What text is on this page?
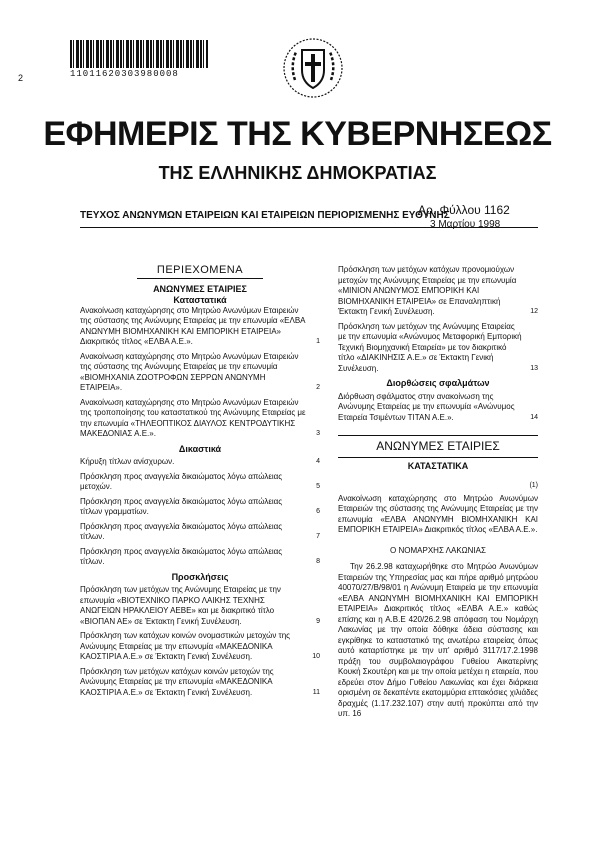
11011620303980008
2
ΕΦΗΜΕΡΙΣ ΤΗΣ ΚΥΒΕΡΝΗΣΕΩΣ
ΤΗΣ ΕΛΛΗΝΙΚΗΣ ΔΗΜΟΚΡΑΤΙΑΣ
ΤΕΥΧΟΣ ΑΝΩΝΥΜΩΝ ΕΤΑΙΡΕΙΩΝ ΚΑΙ ΕΤΑΙΡΕΙΩΝ ΠΕΡΙΟΡΙΣΜΕΝΗΣ ΕΥΘΥΝΗΣ
Αρ. Φύλλου 1162
3 Μαρτίου 1998
ΠΕΡΙΕΧΟΜΕΝΑ
ΑΝΩΝΥΜΕΣ ΕΤΑΙΡΙΕΣ
Καταστατικά
Ανακοίνωση καταχώρησης στο Μητρώο Ανωνύμων Εταιρειών της σύστασης της Ανώνυμης Εταιρείας με την επωνυμία «ΕΛΒΑ ΑΝΩΝΥΜΗ ΒΙΟΜΗΧΑΝΙΚΗ ΚΑΙ ΕΜΠΟΡΙΚΗ ΕΤΑΙΡΕΙΑ» Διακριτικός τίτλος «ΕΛΒΑ Α.Ε.».	1
Ανακοίνωση καταχώρησης στο Μητρώο Ανωνύμων Εταιρειών της σύστασης της Ανώνυμης Εταιρείας με την επωνυμία «ΒΙΟΜΗΧΑΝΙΑ ΖΩΟΤΡΟΦΩΝ ΣΕΡΡΩΝ ΑΝΩΝΥΜΗ ΕΤΑΙΡΕΙΑ».	2
Ανακοίνωση καταχώρησης στο Μητρώο Ανωνύμων Εταιρειών της τροποποίησης του καταστατικού της Ανώνυμης Εταιρείας με την επωνυμία «ΤΗΛΕΟΠΤΙΚΟΣ ΔΙΑΥΛΟΣ ΚΕΝΤΡΟΔΥΤΙΚΗΣ ΜΑΚΕΔΟΝΙΑΣ Α.Ε.».	3
Δικαστικά
Κήρυξη τίτλων ανίσχυρων.	4
Πρόσκληση προς αναγγελία δικαιώματος λόγω απώλειας μετοχών.	5
Πρόσκληση προς αναγγελία δικαιώματος λόγω απώλειας τίτλων γραμματίων.	6
Πρόσκληση προς αναγγελία δικαιώματος λόγω απώλειας τίτλων.	7
Πρόσκληση προς αναγγελία δικαιώματος λόγω απώλειας τίτλων.	8
Προσκλήσεις
Πρόσκληση των μετόχων της Ανώνυμης Εταιρείας με την επωνυμία «ΒΙΟΤΕΧΝΙΚΟ ΠΑΡΚΟ ΛΑΙΚΗΣ ΤΕΧΝΗΣ ΑΝΩΓΕΙΩΝ ΗΡΑΚΛΕΙΟΥ ΑΕΒΕ» και με διακριτικό τίτλο «ΒΙΟΠΑΝ ΑΕ» σε Έκτακτη Γενική Συνέλευση.	9
Πρόσκληση των κατόχων κοινών ονομαστικών μετοχών της Ανώνυμης Εταιρείας με την επωνυμία «ΜΑΚΕΔΟΝΙΚΑ ΚΑΟΣΤΙΡΙΑ Α.Ε.» σε Έκτακτη Γενική Συνέλευση.	10
Πρόσκληση των μετόχων κατόχων κοινών μετοχών της Ανώνυμης Εταιρείας με την επωνυμία «ΜΑΚΕΔΟΝΙΚΑ ΚΑΟΣΤΙΡΙΑ Α.Ε.» σε Έκτακτη Γενική Συνέλευση.	11
Πρόσκληση των μετόχων κατόχων προνομιούχων μετοχών της Ανώνυμης Εταιρείας με την επωνυμία «ΜΙΝΙΟΝ ΑΝΩΝΥΜΟΣ ΕΜΠΟΡΙΚΗ ΚΑΙ ΒΙΟΜΗΧΑΝΙΚΗ ΕΤΑΙΡΕΙΑ» σε Επαναληπτική Έκτακτη Γενική Συνέλευση.	12
Πρόσκληση των μετόχων της Ανώνυμης Εταιρείας με την επωνυμία «Ανώνυμος Μεταφορική Εμπορική Τεχνική Βιομηχανική Εταιρεία» με τον διακριτικό τίτλο «ΔΙΑΚΙΝΗΣΙΣ Α.Ε.» σε Έκτακτη Γενική Συνέλευση.	13
Διορθώσεις σφαλμάτων
Διόρθωση σφάλματος στην ανακοίνωση της Ανώνυμης Εταιρείας με την επωνυμία «Ανώνυμος Εταιρεία Τσιμέντων ΤΙΤΑΝ Α.Ε.».	14
ΑΝΩΝΥΜΕΣ ΕΤΑΙΡΙΕΣ
ΚΑΤΑΣΤΑΤΙΚΑ
(1)

Ανακοίνωση καταχώρησης στο Μητρώο Ανωνύμων Εταιρειών της σύστασης της Ανώνυμης Εταιρείας με την επωνυμία «ΕΛΒΑ ΑΝΩΝΥΜΗ ΒΙΟΜΗΧΑΝΙΚΗ ΚΑΙ ΕΜΠΟΡΙΚΗ ΕΤΑΙΡΕΙΑ» Διακριτικός τίτλος «ΕΛΒΑ Α.Ε.».

Ο ΝΟΜΑΡΧΗΣ ΛΑΚΩΝΙΑΣ

Την 26.2.98 καταχωρήθηκε στο Μητρώο Ανωνύμων Εταιρειών της Υπηρεσίας μας και πήρε αριθμό μητρώου 40070/27/Β/98/01 η Ανώνυμη Εταιρεία με την επωνυμία «ΕΛΒΑ ΑΝΩΝΥΜΗ ΒΙΟΜΗΧΑΝΙΚΗ ΚΑΙ ΕΜΠΟΡΙΚΗ ΕΤΑΙΡΕΙΑ» Διακριτικός τίτλος «ΕΛΒΑ Α.Ε.» καθώς επίσης και η Α.Β.Ε 420/26.2.98 απόφαση του Νομάρχη Λακωνίας με την οποία δόθηκε άδεια σύστασης και εγκρίθηκε το καταστατικό της ανωτέρω εταιρείας όπως αυτό καταρτίστηκε με την υπ' αριθμό 3117/17.2.1998 πράξη του συμβολαιογράφου Γυθείου Αικατερίνης Κουκή Σκουτέρη και με την οποία μετέχει η εταιρεία, που εδρεύει στον Δήμο Γυθείου Λακωνίας και έχει διάρκεια ορισμένη σε δεκαπέντε εκατομμύρια επτακόσιες χιλιάδες δραχμές (1.17.232.107) στην αυτή προκύπτει από την υπ. 16
